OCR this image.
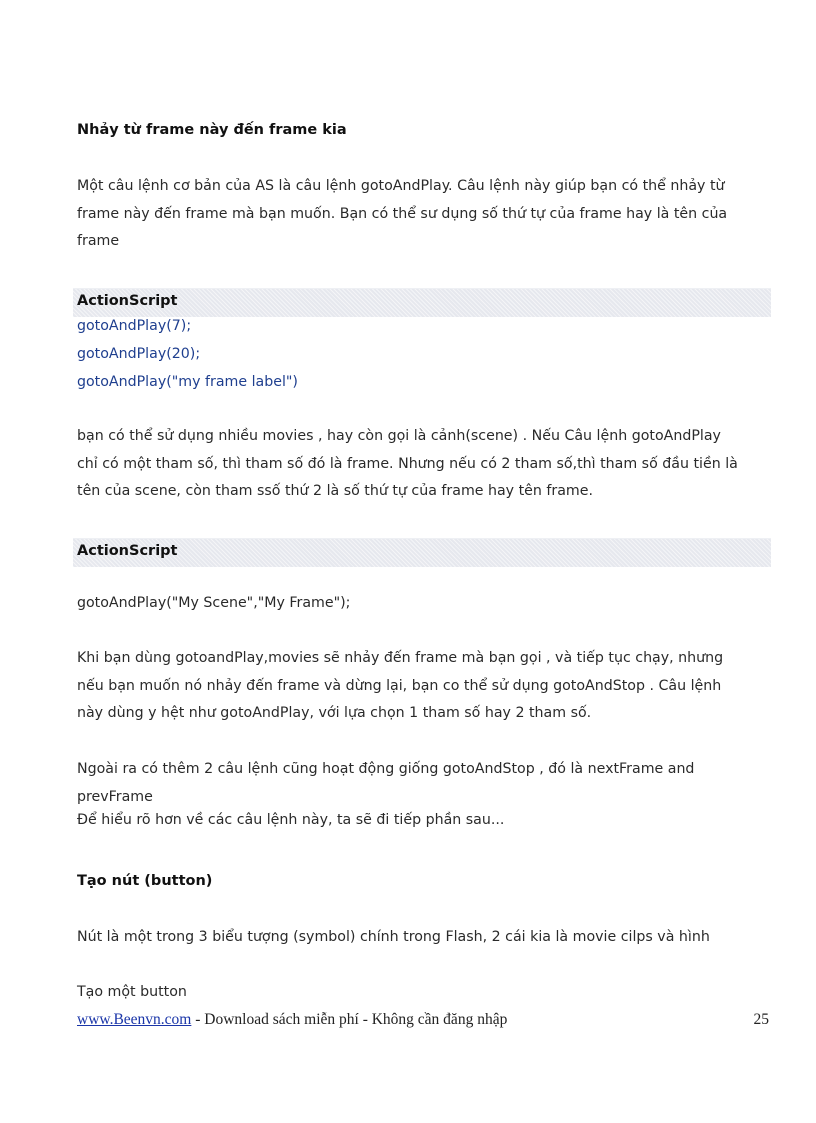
Nhảy từ frame này đến frame kia
Một câu lệnh cơ bản của AS là câu lệnh gotoAndPlay. Câu lệnh này giúp bạn có thể nhảy từ
frame này đến frame mà bạn muốn. Bạn có thể sư dụng số thứ tự của frame hay là tên của
frame
ActionScript
gotoAndPlay(7);
gotoAndPlay(20);
gotoAndPlay("my frame label")
bạn có thể sử dụng nhiều movies , hay còn gọi là cảnh(scene) . Nếu Câu lệnh gotoAndPlay
chỉ có một tham số, thì tham số đó là frame. Nhưng nếu có 2 tham số,thì tham số đầu tiền là
tên của scene, còn tham ssố thứ 2 là số thứ tự của frame hay tên frame.
ActionScript
gotoAndPlay("My Scene","My Frame");
Khi bạn dùng gotoandPlay,movies sẽ nhảy đến frame mà bạn gọi , và tiếp tục chạy, nhưng
nếu bạn muốn nó nhảy đến frame và dừng lại, bạn co thể sử dụng gotoAndStop . Câu lệnh
này dùng y hệt như gotoAndPlay, với lựa chọn 1 tham số hay 2 tham số.
Ngoài ra có thêm 2 câu lệnh cũng hoạt động giống gotoAndStop , đó là nextFrame and
prevFrame
Để hiểu rõ hơn về các câu lệnh này, ta sẽ đi tiếp phần sau...
Tạo nút (button)
Nút là một trong 3 biểu tượng (symbol) chính trong Flash, 2 cái kia là movie cilps và hình
Tạo một button
www.Beenvn.com - Download sách miễn phí - Không cần đăng nhập	25
